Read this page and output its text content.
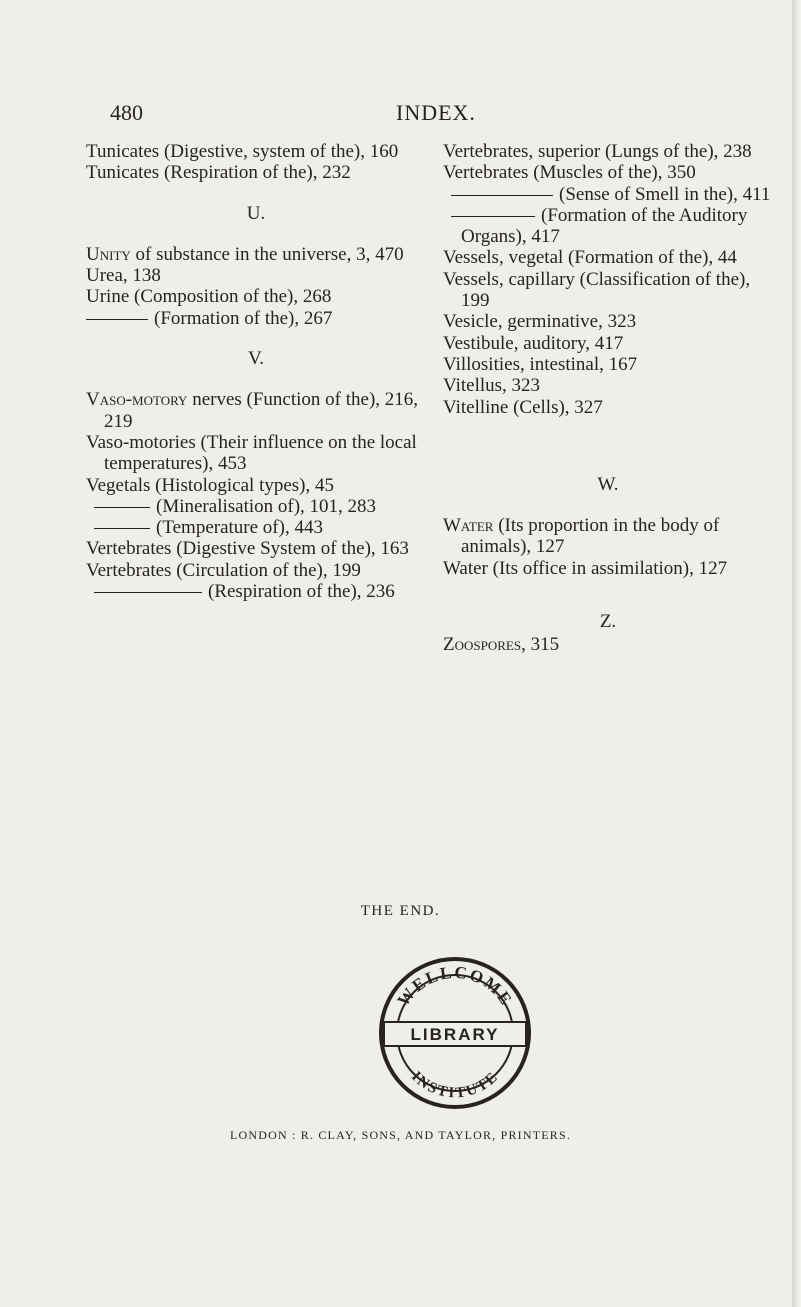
480	INDEX.
Tunicates (Digestive, system of the), 160
Tunicates (Respiration of the), 232
U.
Unity of substance in the universe, 3, 470
Urea, 138
Urine (Composition of the), 268
(Formation of the), 267
V.
Vaso-motory nerves (Function of the), 216, 219
Vaso-motories (Their influence on the local temperatures), 453
Vegetals (Histological types), 45
(Mineralisation of), 101, 283
(Temperature of), 443
Vertebrates (Digestive System of the), 163
Vertebrates (Circulation of the), 199
(Respiration of the), 236
Vertebrates, superior (Lungs of the), 238
Vertebrates (Muscles of the), 350
(Sense of Smell in the), 411
(Formation of the Auditory Organs), 417
Vessels, vegetal (Formation of the), 44
Vessels, capillary (Classification of the), 199
Vesicle, germinative, 323
Vestibule, auditory, 417
Villosities, intestinal, 167
Vitellus, 323
Vitelline (Cells), 327
W.
Water (Its proportion in the body of animals), 127
Water (Its office in assimilation), 127
Z.
Zoospores, 315
THE END.
WELLCOME
LIBRARY
INSTITUTE
LONDON : R. CLAY, SONS, AND TAYLOR, PRINTERS.
